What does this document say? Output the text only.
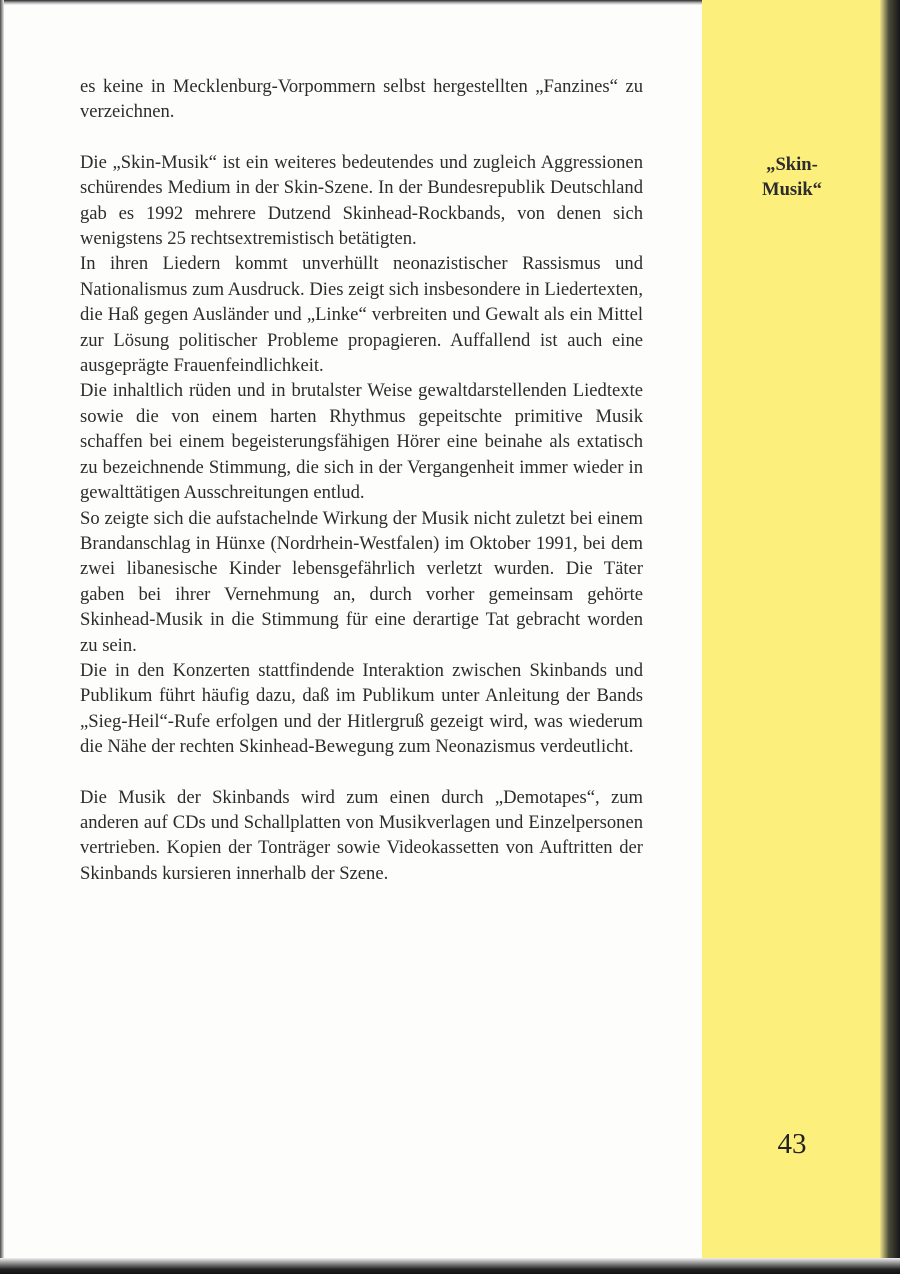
es keine in Mecklenburg-Vorpommern selbst hergestellten „Fanzines“ zu verzeichnen.

Die „Skin-Musik“ ist ein weiteres bedeutendes und zugleich Aggressionen schürendes Medium in der Skin-Szene. In der Bundesrepublik Deutschland gab es 1992 mehrere Dutzend Skinhead-Rockbands, von denen sich wenigstens 25 rechtsextremistisch betätigten.

In ihren Liedern kommt unverhüllt neonazistischer Rassismus und Nationalismus zum Ausdruck. Dies zeigt sich insbesondere in Liedertexten, die Haß gegen Ausländer und „Linke“ verbreiten und Gewalt als ein Mittel zur Lösung politischer Probleme propagieren. Auffallend ist auch eine ausgeprägte Frauenfeindlichkeit.

Die inhaltlich rüden und in brutalster Weise gewaltdarstellenden Liedtexte sowie die von einem harten Rhythmus gepeitschte primitive Musik schaffen bei einem begeisterungsfähigen Hörer eine beinahe als extatisch zu bezeichnende Stimmung, die sich in der Vergangenheit immer wieder in gewalttätigen Ausschreitungen entlud.

So zeigte sich die aufstachelnde Wirkung der Musik nicht zuletzt bei einem Brandanschlag in Hünxe (Nordrhein-Westfalen) im Oktober 1991, bei dem zwei libanesische Kinder lebensgefährlich verletzt wurden. Die Täter gaben bei ihrer Vernehmung an, durch vorher gemeinsam gehörte Skinhead-Musik in die Stimmung für eine derartige Tat gebracht worden zu sein.

Die in den Konzerten stattfindende Interaktion zwischen Skinbands und Publikum führt häufig dazu, daß im Publikum unter Anleitung der Bands „Sieg-Heil“-Rufe erfolgen und der Hitlergruß gezeigt wird, was wiederum die Nähe der rechten Skinhead-Bewegung zum Neonazismus verdeutlicht.

Die Musik der Skinbands wird zum einen durch „Demotapes“, zum anderen auf CDs und Schallplatten von Musikverlagen und Einzelpersonen vertrieben. Kopien der Tonträger sowie Videokassetten von Auftritten der Skinbands kursieren innerhalb der Szene.

„Skin-
Musik“
43
